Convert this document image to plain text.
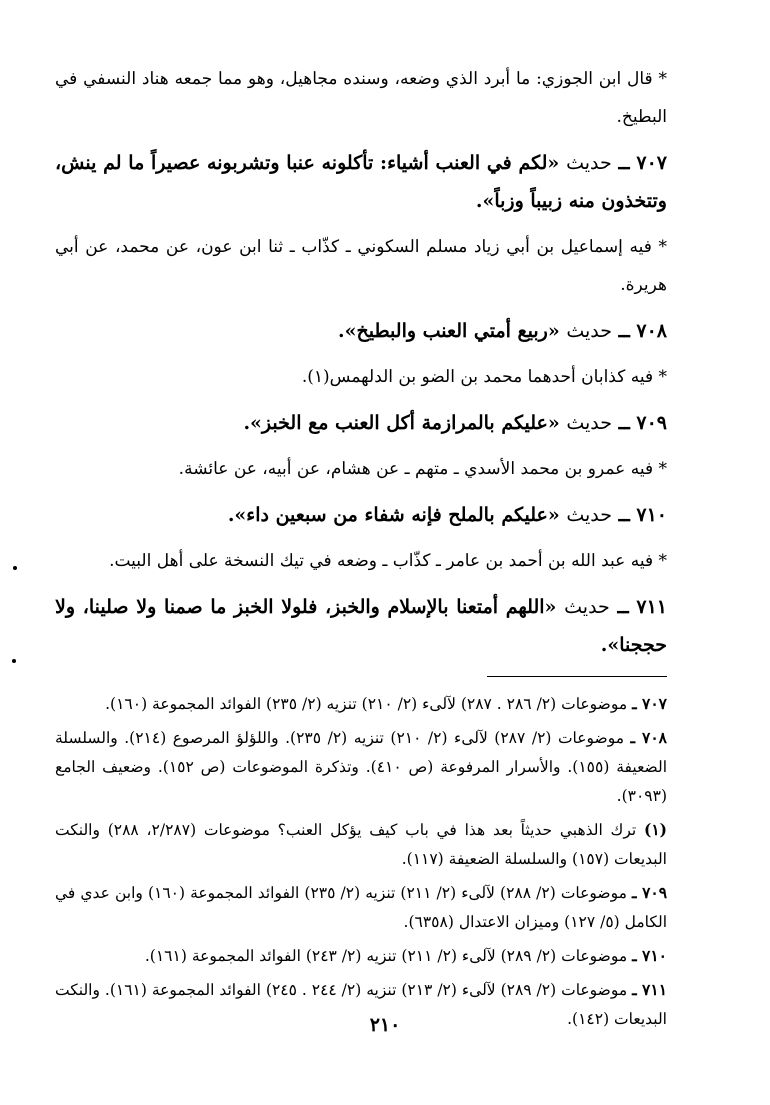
* قال ابن الجوزي: ما أبرد الذي وضعه، وسنده مجاهيل، وهو مما جمعه هناد النسفي في البطيخ.

٧٠٧ ــ حديث «لكم في العنب أشياء: تأكلونه عنبا وتشربونه عصيراً ما لم ينش، وتتخذون منه زبيباً وزباً».

* فيه إسماعيل بن أبي زياد مسلم السكوني ـ كذّاب ـ ثنا ابن عون، عن محمد، عن أبي هريرة.

٧٠٨ ــ حديث «ربيع أمتي العنب والبطيخ».

* فيه كذابان أحدهما محمد بن الضو بن الدلهمس(١).

٧٠٩ ــ حديث «عليكم بالمرازمة أكل العنب مع الخبز».

* فيه عمرو بن محمد الأسدي ـ متهم ـ عن هشام، عن أبيه، عن عائشة.

٧١٠ ــ حديث «عليكم بالملح فإنه شفاء من سبعين داء».

* فيه عبد الله بن أحمد بن عامر ـ كذّاب ـ وضعه في تيك النسخة على أهل البيت.

٧١١ ــ حديث «اللهم أمتعنا بالإسلام والخبز، فلولا الخبز ما صمنا ولا صلينا، ولا حججنا».

٧٠٧ ـ موضوعات (٢/ ٢٨٦ . ٢٨٧) لآلىء (٢/ ٢١٠) تنزيه (٢/ ٢٣٥) الفوائد المجموعة (١٦٠).

٧٠٨ ـ موضوعات (٢/ ٢٨٧) لآلىء (٢/ ٢١٠) تنزيه (٢/ ٢٣٥). واللؤلؤ المرصوع (٢١٤). والسلسلة الضعيفة (١٥٥). والأسرار المرفوعة (ص ٤١٠). وتذكرة الموضوعات (ص ١٥٢). وضعيف الجامع (٣٠٩٣).

(١) ترك الذهبي حديثاً بعد هذا في باب كيف يؤكل العنب؟ موضوعات (٢/٢٨٧، ٢٨٨) والنكت البديعات (١٥٧) والسلسلة الضعيفة (١١٧).

٧٠٩ ـ موضوعات (٢/ ٢٨٨) لآلىء (٢/ ٢١١) تنزيه (٢/ ٢٣٥) الفوائد المجموعة (١٦٠) وابن عدي في الكامل (٥/ ١٢٧) وميزان الاعتدال (٦٣٥٨).

٧١٠ ـ موضوعات (٢/ ٢٨٩) لآلىء (٢/ ٢١١) تنزيه (٢/ ٢٤٣) الفوائد المجموعة (١٦١).

٧١١ ـ موضوعات (٢/ ٢٨٩) لآلىء (٢/ ٢١٣) تنزيه (٢/ ٢٤٤ . ٢٤٥) الفوائد المجموعة (١٦١). والنكت البديعات (١٤٢).

٢١٠
